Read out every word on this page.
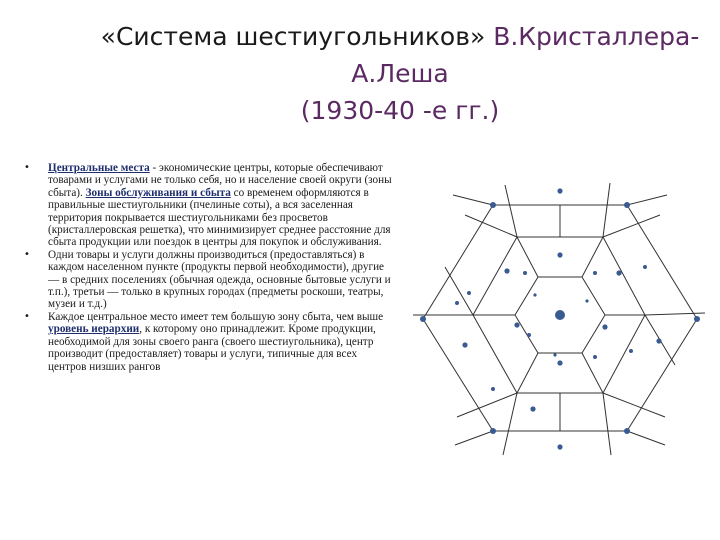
«Система шестиугольников» В.Кристаллера-
А.Леша
(1930-40 -е гг.)
• Центральные места - экономические центры, которые обеспечивают товарами и услугами не только себя, но и население своей округи (зоны сбыта). Зоны обслуживания и сбыта со временем оформляются в правильные шестиугольники (пчелиные соты), а вся заселенная территория покрывается шестиугольниками без просветов (кристаллеровская решетка), что минимизирует среднее расстояние для сбыта продукции или поездок в центры для покупок и обслуживания.
• Одни товары и услуги должны производиться (предоставляться) в каждом населенном пункте (продукты первой необходимости), другие — в средних поселениях (обычная одежда, основные бытовые услуги и т.п.), третьи — только в крупных городах (предметы роскоши, театры, музеи и т.д.)
• Каждое центральное место имеет тем большую зону сбыта, чем выше уровень иерархии, к которому оно принадлежит. Кроме продукции, необходимой для зоны своего ранга (своего шестиугольника), центр производит (предоставляет) товары и услуги, типичные для всех центров низших рангов
